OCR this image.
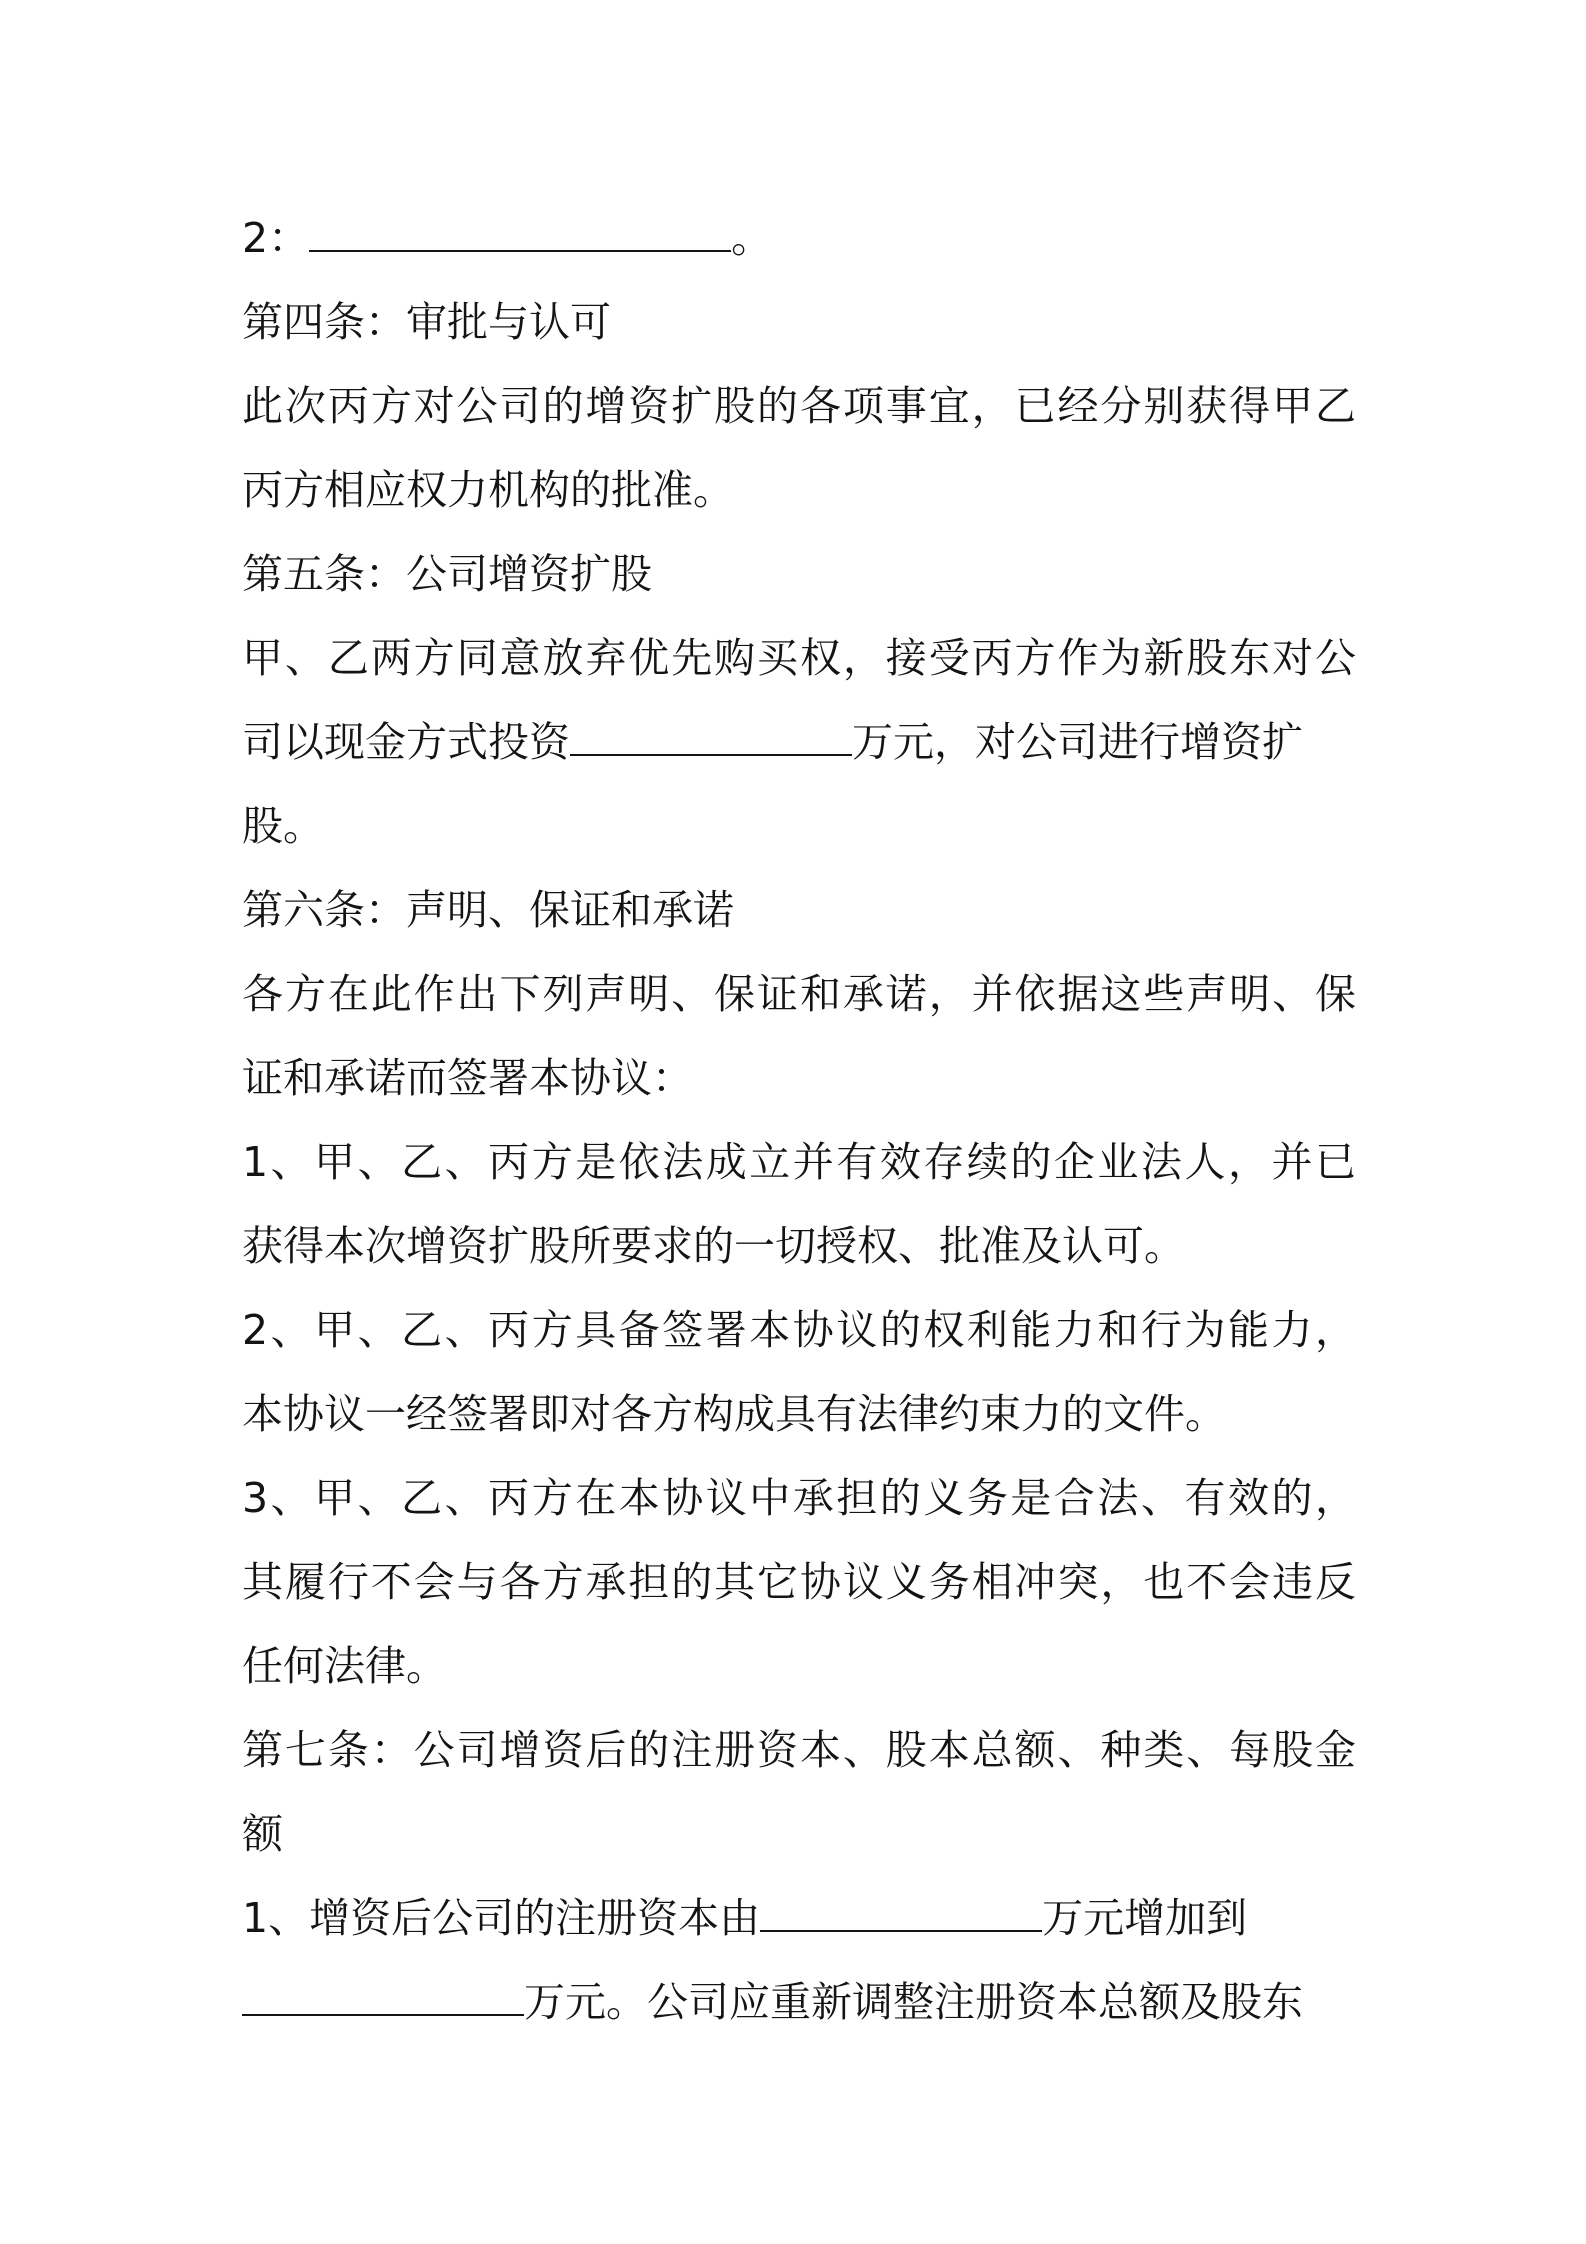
2：	。
第四条：审批与认可
此次丙方对公司的增资扩股的各项事宜，已经分别获得甲乙
丙方相应权力机构的批准。
第五条：公司增资扩股
甲、乙两方同意放弃优先购买权，接受丙方作为新股东对公
司以现金方式投资	万元，对公司进行增资扩
股。
第六条：声明、保证和承诺
各方在此作出下列声明、保证和承诺，并依据这些声明、保
证和承诺而签署本协议：
1、甲、乙、丙方是依法成立并有效存续的企业法人，并已
获得本次增资扩股所要求的一切授权、批准及认可。
2、甲、乙、丙方具备签署本协议的权利能力和行为能力，
本协议一经签署即对各方构成具有法律约束力的文件。
3、甲、乙、丙方在本协议中承担的义务是合法、有效的，
其履行不会与各方承担的其它协议义务相冲突，也不会违反
任何法律。
第七条：公司增资后的注册资本、股本总额、种类、每股金
额
1、增资后公司的注册资本由	万元增加到
万元。公司应重新调整注册资本总额及股东
